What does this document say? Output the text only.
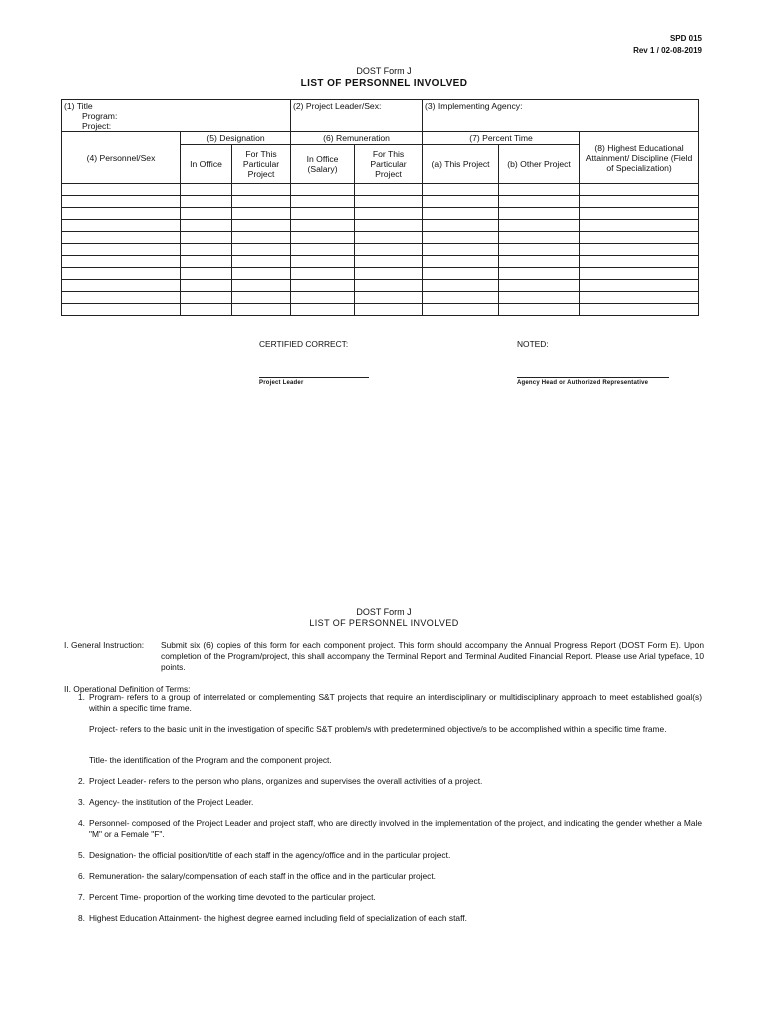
SPD 015
Rev 1 / 02-08-2019
DOST Form J
LIST OF PERSONNEL INVOLVED
(1) Title
Program:
Project:			(2) Project Leader/Sex:		(3) Implementing Agency:		
(4) Personnel/Sex	(5) Designation		(6) Remuneration		(7) Percent Time		(8) Highest Educational Attainment/ Discipline (Field of Specialization)
	In Office	For This Particular Project	In Office (Salary)	For This Particular Project	(a) This Project	(b) Other Project	

CERTIFIED CORRECT:	NOTED:
Project Leader	Agency Head or Authorized Representative
DOST Form J
LIST OF PERSONNEL INVOLVED
I. General Instruction: Submit six (6) copies of this form for each component project. This form should accompany the Annual Progress Report (DOST Form E). Upon completion of the Program/project, this shall accompany the Terminal Report and Terminal Audited Financial Report. Please use Arial typeface, 10 points.
II. Operational Definition of Terms:
1. Program- refers to a group of interrelated or complementing S&T projects that require an interdisciplinary or multidisciplinary approach to meet established goal(s) within a specific time frame.
Project- refers to the basic unit in the investigation of specific S&T problem/s with predetermined objective/s to be accomplished within a specific time frame.
Title- the identification of the Program and the component project.
2. Project Leader- refers to the person who plans, organizes and supervises the overall activities of a project.
3. Agency- the institution of the Project Leader.
4. Personnel- composed of the Project Leader and project staff, who are directly involved in the implementation of the project, and indicating the gender whether a Male "M" or a Female "F".
5. Designation- the official position/title of each staff in the agency/office and in the particular project.
6. Remuneration- the salary/compensation of each staff in the office and in the particular project.
7. Percent Time- proportion of the working time devoted to the particular project.
8. Highest Education Attainment- the highest degree earned including field of specialization of each staff.
